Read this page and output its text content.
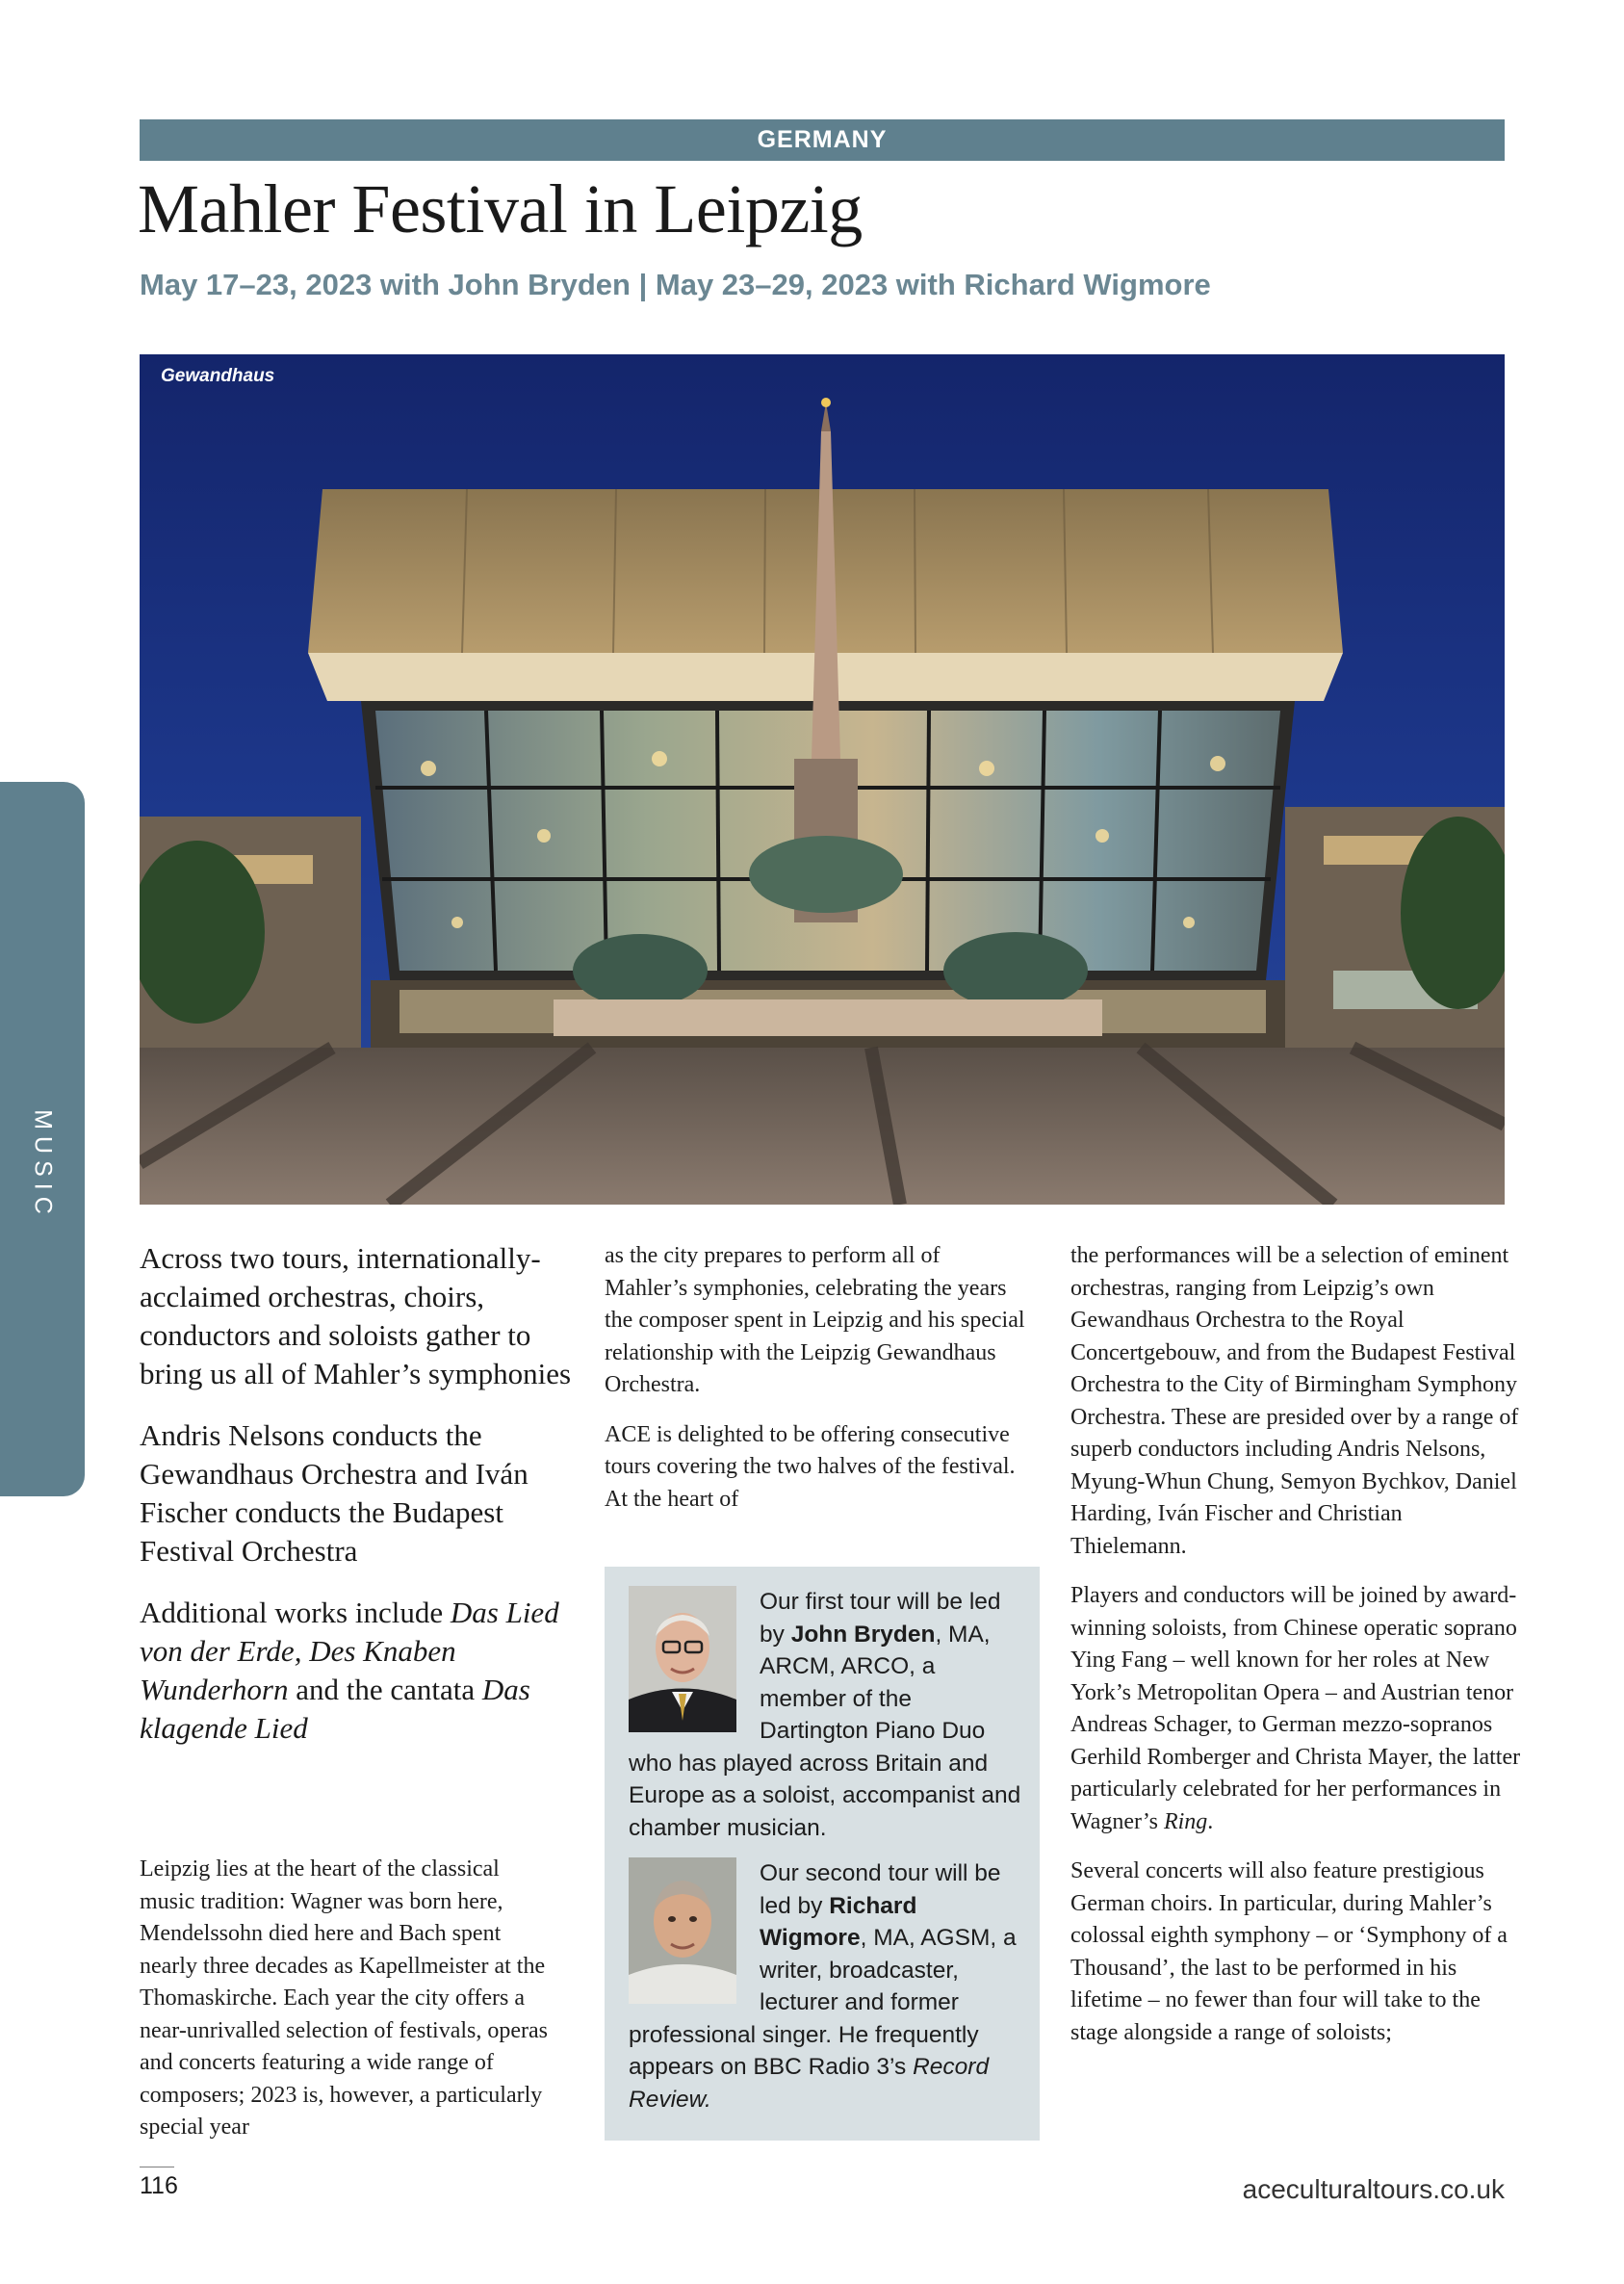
GERMANY
Mahler Festival in Leipzig

May 17–23, 2023 with John Bryden | May 23–29, 2023 with Richard Wigmore

Gewandhaus
MUSIC

Across two tours, internationally-acclaimed orchestras, choirs, conductors and soloists gather to bring us all of Mahler’s symphonies

Andris Nelsons conducts the Gewandhaus Orchestra and Iván Fischer conducts the Budapest Festival Orchestra

Additional works include Das Lied von der Erde, Des Knaben Wunderhorn and the cantata Das klagende Lied

Leipzig lies at the heart of the classical music tradition: Wagner was born here, Mendelssohn died here and Bach spent nearly three decades as Kapellmeister at the Thomaskirche. Each year the city offers a near-unrivalled selection of festivals, operas and concerts featuring a wide range of composers; 2023 is, however, a particularly special year

as the city prepares to perform all of Mahler’s symphonies, celebrating the years the composer spent in Leipzig and his special relationship with the Leipzig Gewandhaus Orchestra.

ACE is delighted to be offering consecutive tours covering the two halves of the festival. At the heart of

Our first tour will be led by John Bryden, MA, ARCM, ARCO, a member of the Dartington Piano Duo who has played across Britain and Europe as a soloist, accompanist and chamber musician.
Our second tour will be led by Richard Wigmore, MA, AGSM, a writer, broadcaster, lecturer and former professional singer. He frequently appears on BBC Radio 3’s Record Review.

the performances will be a selection of eminent orchestras, ranging from Leipzig’s own Gewandhaus Orchestra to the Royal Concertgebouw, and from the Budapest Festival Orchestra to the City of Birmingham Symphony Orchestra. These are presided over by a range of superb conductors including Andris Nelsons, Myung-Whun Chung, Semyon Bychkov, Daniel Harding, Iván Fischer and Christian Thielemann.

Players and conductors will be joined by award-winning soloists, from Chinese operatic soprano Ying Fang – well known for her roles at New York’s Metropolitan Opera – and Austrian tenor Andreas Schager, to German mezzo-sopranos Gerhild Romberger and Christa Mayer, the latter particularly celebrated for her performances in Wagner’s Ring.

Several concerts will also feature prestigious German choirs. In particular, during Mahler’s colossal eighth symphony – or ‘Symphony of a Thousand’, the last to be performed in his lifetime – no fewer than four will take to the stage alongside a range of soloists;

116	aceculturaltours.co.uk
